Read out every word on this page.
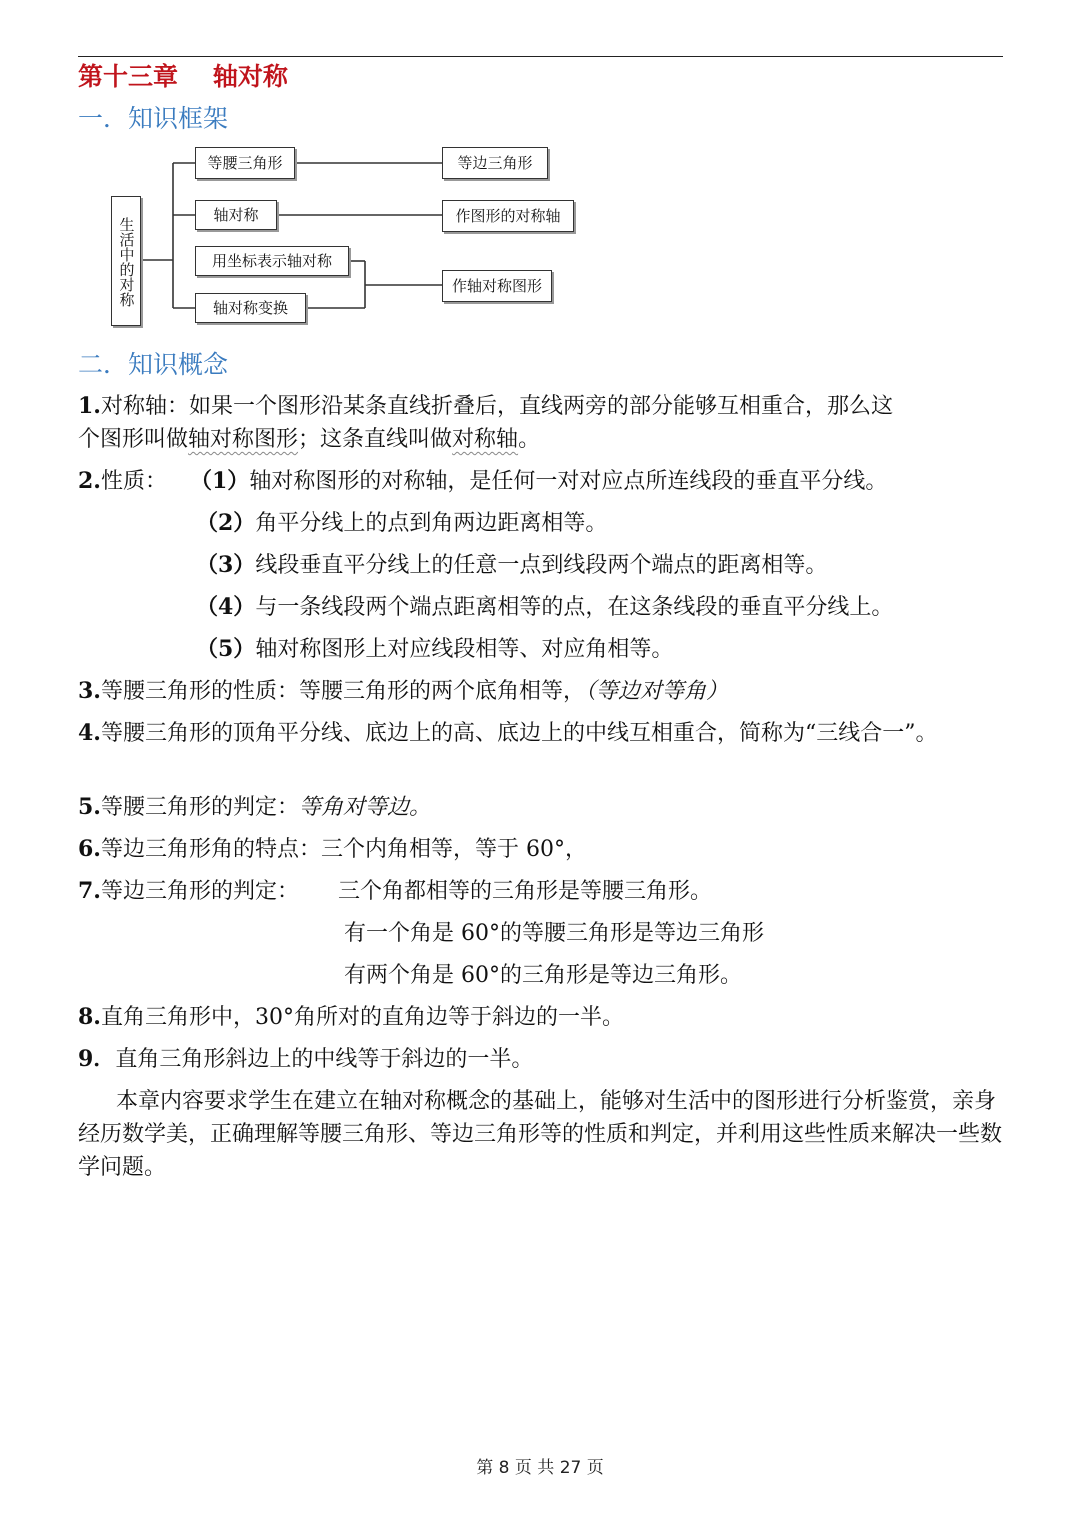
第十三章    轴对称
一．知识框架
生活中的对称
等腰三角形	等边三角形
轴对称	作图形的对称轴
用坐标表示轴对称
作轴对称图形
轴对称变换
二．知识概念
1.对称轴：如果一个图形沿某条直线折叠后，直线两旁的部分能够互相重合，那么这
个图形叫做轴对称图形；这条直线叫做对称轴。
2.性质： （1）轴对称图形的对称轴，是任何一对对应点所连线段的垂直平分线。
（2）角平分线上的点到角两边距离相等。
（3）线段垂直平分线上的任意一点到线段两个端点的距离相等。
（4）与一条线段两个端点距离相等的点，在这条线段的垂直平分线上。
（5）轴对称图形上对应线段相等、对应角相等。
3.等腰三角形的性质：等腰三角形的两个底角相等，（等边对等角）
4.等腰三角形的顶角平分线、底边上的高、底边上的中线互相重合，简称为“三线合一”。
5.等腰三角形的判定：等角对等边。
6.等边三角形角的特点：三个内角相等，等于 60°，
7.等边三角形的判定： 三个角都相等的三角形是等腰三角形。
有一个角是 60°的等腰三角形是等边三角形
有两个角是 60°的三角形是等边三角形。
8.直角三角形中，30°角所对的直角边等于斜边的一半。
9．直角三角形斜边上的中线等于斜边的一半。
本章内容要求学生在建立在轴对称概念的基础上，能够对生活中的图形进行分析鉴赏，亲身经历数学美，正确理解等腰三角形、等边三角形等的性质和判定，并利用这些性质来解决一些数学问题。
第 8 页 共 27 页
